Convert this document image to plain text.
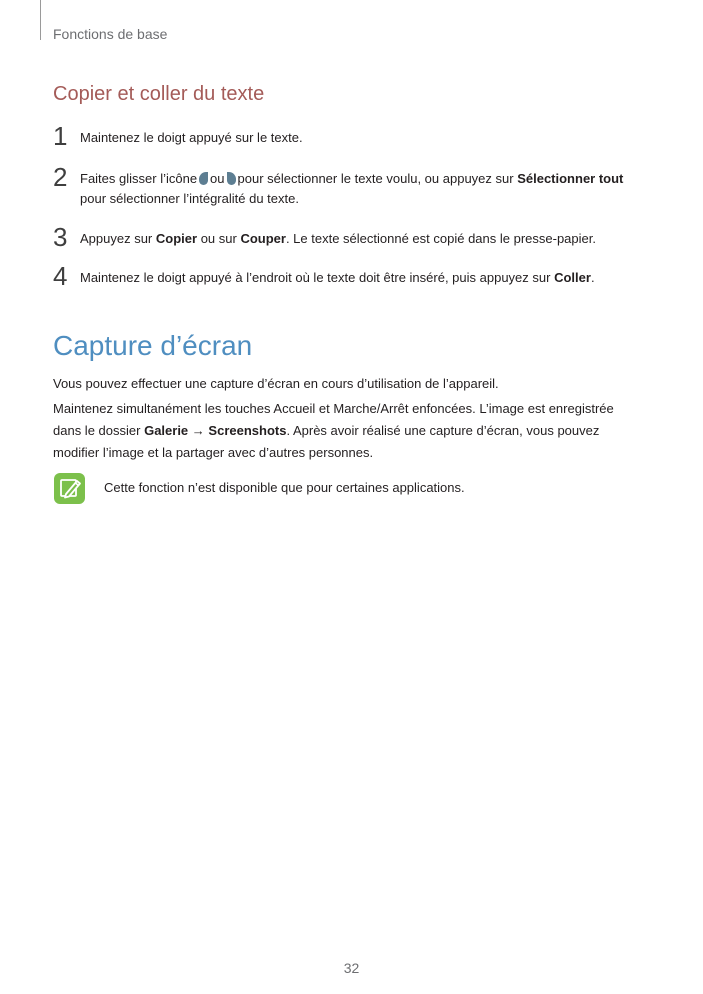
Fonctions de base
Copier et coller du texte
1 Maintenez le doigt appuyé sur le texte.
2 Faites glisser l’icône ou pour sélectionner le texte voulu, ou appuyez sur Sélectionner tout pour sélectionner l’intégralité du texte.
3 Appuyez sur Copier ou sur Couper. Le texte sélectionné est copié dans le presse-papier.
4 Maintenez le doigt appuyé à l’endroit où le texte doit être inséré, puis appuyez sur Coller.
Capture d’écran

Vous pouvez effectuer une capture d’écran en cours d’utilisation de l’appareil.

Maintenez simultanément les touches Accueil et Marche/Arrêt enfoncées. L’image est enregistrée dans le dossier Galerie → Screenshots. Après avoir réalisé une capture d’écran, vous pouvez modifier l’image et la partager avec d’autres personnes.

Cette fonction n’est disponible que pour certaines applications.
32
